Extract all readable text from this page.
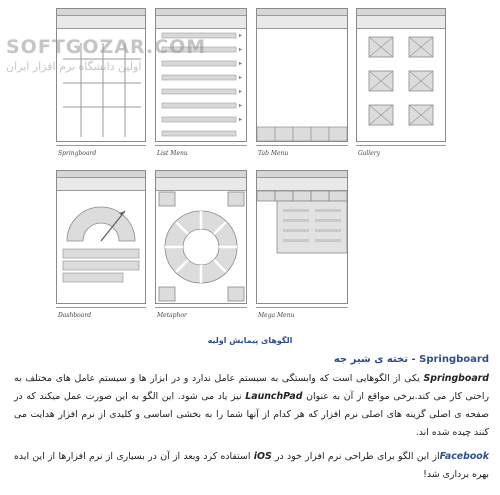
Springboard	List Menu	Tab Menu	Gallery
Dashboard	Metaphor	Mega Menu
SOFTGOZAR.COM
اولین دانشگاه نرم افزار ایران
الگوهای پیمایش اولیه
Springboard - تخته ی شیر جه
Springboard یکی از الگوهایی است که وابستگی به سیستم عامل ندارد و در ابزار ها و سیستم عامل های مختلف به راحتی کار می کند.برخی مواقع از آن به عنوان LaunchPad نیز یاد می شود. این الگو به این صورت عمل میکند که در صفحه ی اصلی گزینه های اصلی نرم افزار که هر کدام از آنها شما را به بخشی اساسی و کلیدی از نرم افزار هدایت می کنند چیده شده اند.
Facebookاز این الگو برای طراحی نرم افزار خود در iOS استفاده کرد وبعد از آن در بسیاری از نرم افزارها از این ایده بهره برداری شد!
